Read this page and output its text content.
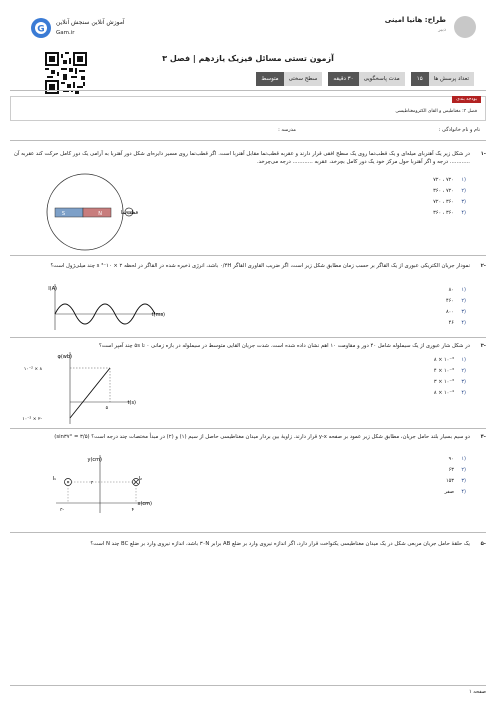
طراح: هانیا امینی
دبیر
G
آموزش آنلاین سنجش آنلاین
Gam.ir
آزمون تستی مسائل فیزیک یازدهم | فصل ۳
تعداد پرسش ها
۱۵
مدت پاسخگویی
۳۰ دقیقه
سطح سختی
متوسط
بودجه بندی
فصل ۳: مغناطیس و القای الکترومغناطیسی
نام و نام خانوادگی :
مدرسه :
-۱
در شکل زیر یک آهنربای میله‌ای و یک قطب‌نما روی یک سطح افقی قرار دارند و عقربه قطب‌نما مقابل آهنربا است. اگر قطب‌نما روی مسیر دایره‌ای شکل دور آهنربا به آرامی یک دور کامل حرکت کند عقربه آن ............ درجه و اگر آهنربا حول مرکز خود یک دور کامل بچرخد، عقربه ............ درجه می‌چرخد.
(۱
۷۲۰ ، ۷۲۰
(۲
۳۶۰ ، ۷۲۰
(۳
۷۲۰ ، ۳۶۰
(۴
۳۶۰ ، ۳۶۰
S	N	قطب‌نما
-۲
نمودار جریان الکتریکی عبوری از یک القاگر بر حسب زمان مطابق شکل زیر است، اگر ضریب القاوری القاگر ۰/۴H باشد، انرژی ذخیره شده در القاگر در لحظه ۲ × ۱۰⁻³ s چند میلی‌ژول است؟
(۱
۸۰
(۲
۴۶۰
(۳
۸۰۰
(۴
۴۶
I(A)
t(ms)
-۳
در شکل شار عبوری از یک سیملوله شامل ۴۰ دور و مقاومت ۱۰ اهم نشان داده شده است. شدت جریان القایی متوسط در سیملوله در بازه زمانی ۰ تا ۵s چند آمپر است؟
(۱
۸ × ۱۰⁻³
(۲
۴ × ۱۰⁻³
(۳
۳ × ۱۰⁻³
(۴
۸ × ۱۰⁻⁴
φ(wb)
t(s)
۸ × ۱۰⁻²
-۲ × ۱۰⁻²
۵
-۴
دو سیم بسیار بلند حامل جریان، مطابق شکل زیر عمود بر صفحه y-x قرار دارند. زاویهٔ بین بردار میدان مغناطیسی حاصل از سیم (۱) و (۲) در مبدأ مختصات چند درجه است؟ (sin۳۷° = ۳/۵)
(۱
۹۰
(۲
۶۳
(۳
۱۵۳
(۴
صفر
y(cm)
x(cm)
I₁	I₂
-۳	۴
۳
-۵
یک حلقهٔ حامل جریان مربعی شکل در یک میدان مغناطیسی یکنواخت قرار دارد، اگر اندازه نیروی وارد بر ضلع AB برابر ۳۰N باشد، اندازه نیروی وارد بر ضلع BC چند N است؟
صفحه ۱
